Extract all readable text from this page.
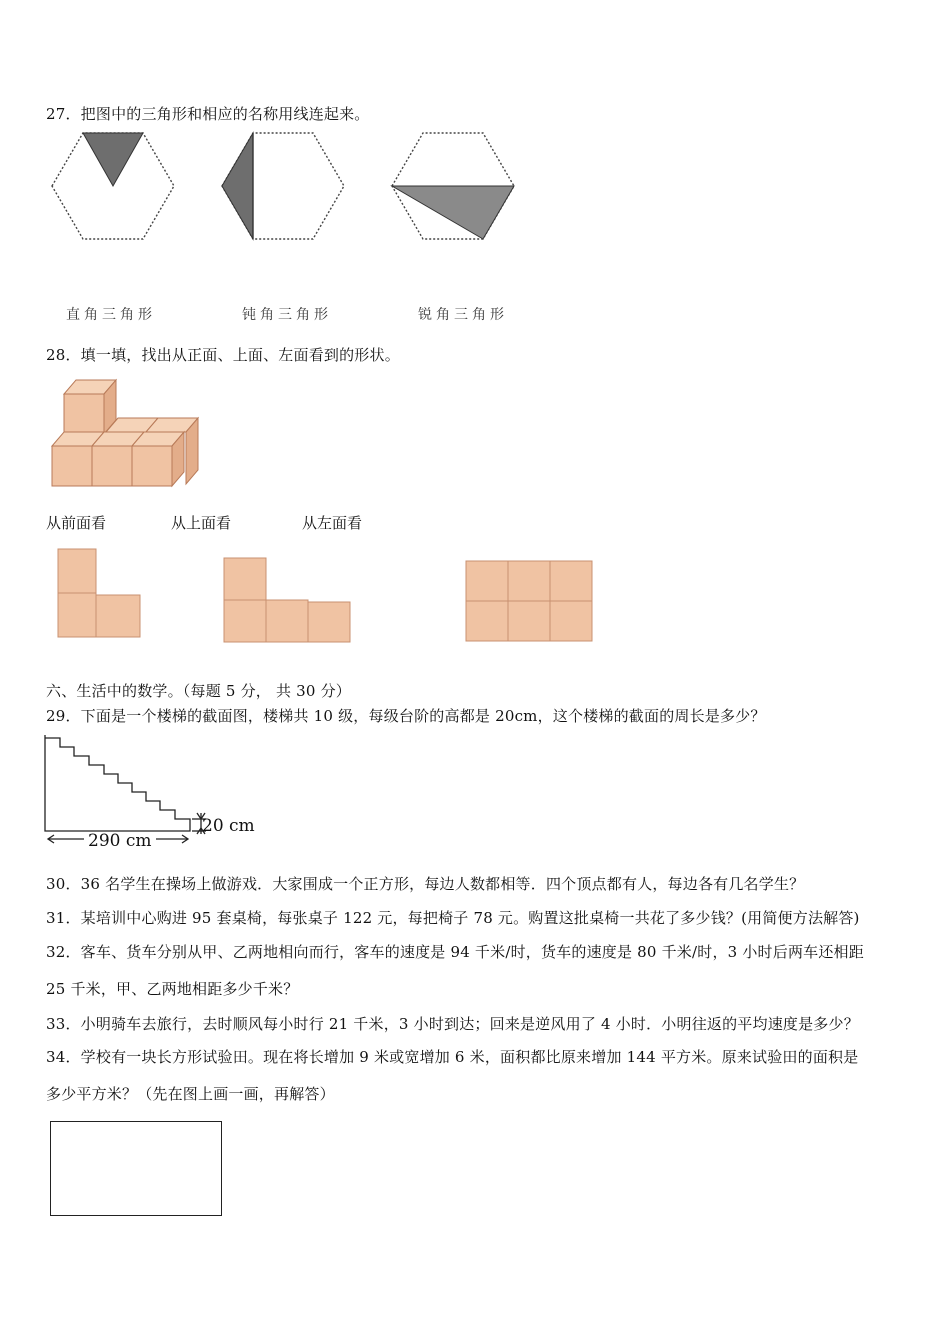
27．把图中的三角形和相应的名称用线连起来。
直角三角形	钝角三角形	锐角三角形
28．填一填，找出从正面、上面、左面看到的形状。
从前面看	从上面看	从左面看
六、生活中的数学。（每题 5 分， 共 30 分）
29．下面是一个楼梯的截面图，楼梯共 10 级，每级台阶的高都是 20cm，这个楼梯的截面的周长是多少？
290 cm
20 cm
30．36 名学生在操场上做游戏．大家围成一个正方形，每边人数都相等．四个顶点都有人，每边各有几名学生？
31．某培训中心购进 95 套桌椅，每张桌子 122 元，每把椅子 78 元。购置这批桌椅一共花了多少钱？(用简便方法解答)
32．客车、货车分别从甲、乙两地相向而行，客车的速度是 94 千米/时，货车的速度是 80 千米/时，3 小时后两车还相距
25 千米，甲、乙两地相距多少千米？
33．小明骑车去旅行，去时顺风每小时行 21 千米，3 小时到达；回来是逆风用了 4 小时．小明往返的平均速度是多少？
34．学校有一块长方形试验田。现在将长增加 9 米或宽增加 6 米，面积都比原来增加 144 平方米。原来试验田的面积是
多少平方米？（先在图上画一画，再解答）
